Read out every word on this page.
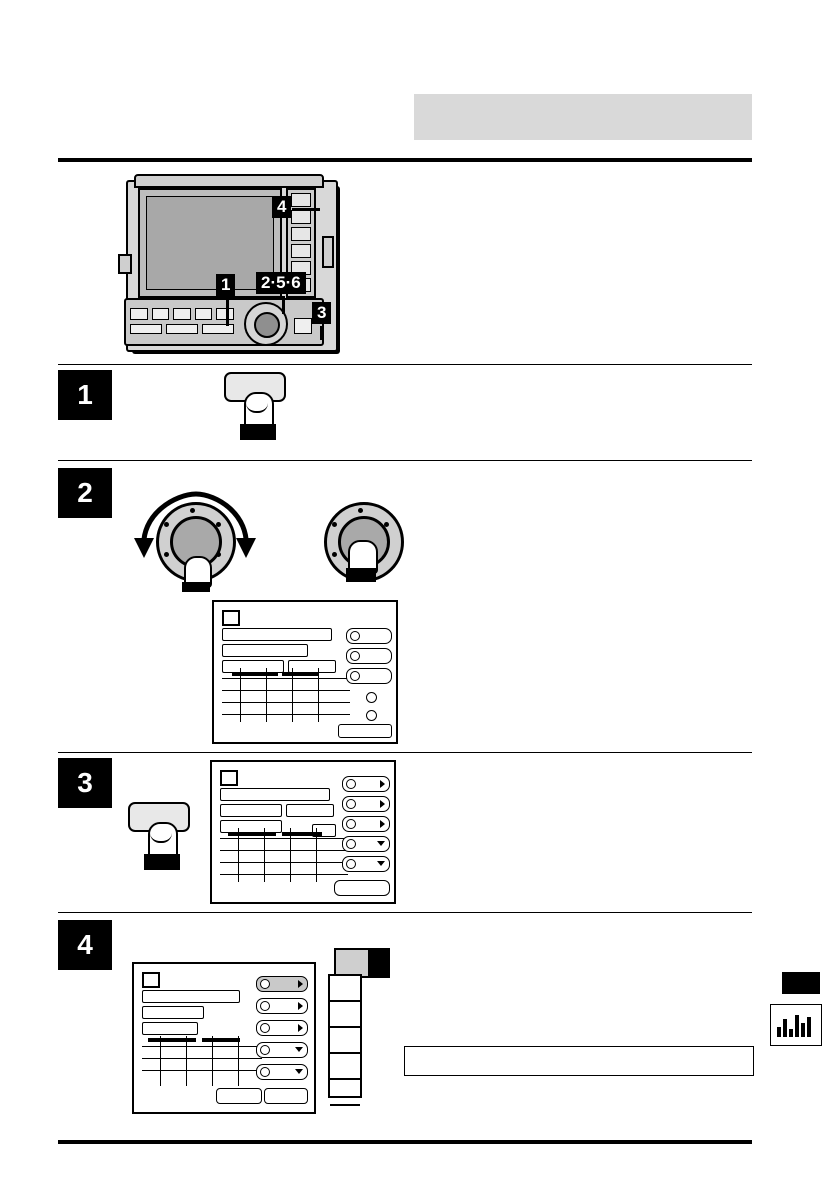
4
1 2·5·6
3
1
2
3
4
